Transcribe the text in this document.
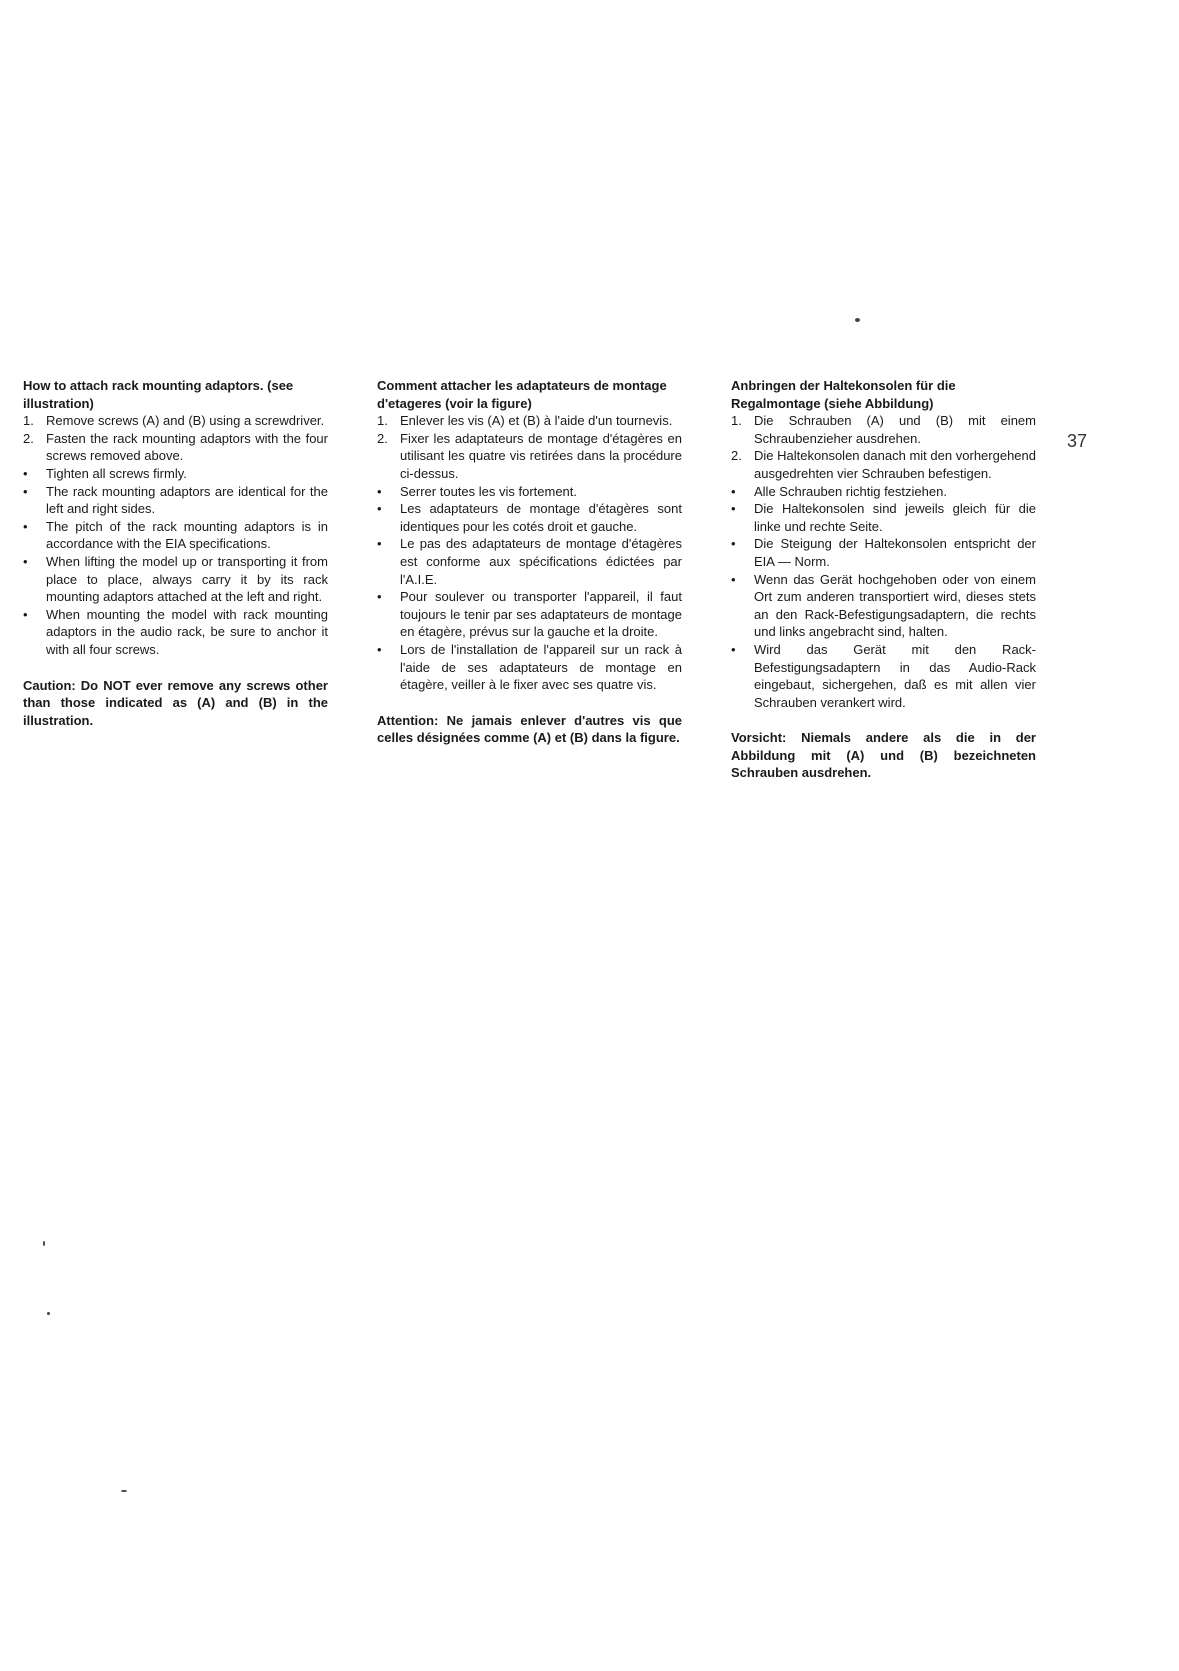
How to attach rack mounting adaptors. (see illustration)
1. Remove screws (A) and (B) using a screwdriver.
2. Fasten the rack mounting adaptors with the four screws removed above.
• Tighten all screws firmly.
• The rack mounting adaptors are identical for the left and right sides.
• The pitch of the rack mounting adaptors is in accordance with the EIA specifications.
• When lifting the model up or transporting it from place to place, always carry it by its rack mounting adaptors attached at the left and right.
• When mounting the model with rack mounting adaptors in the audio rack, be sure to anchor it with all four screws.
Caution: Do NOT ever remove any screws other than those indicated as (A) and (B) in the illustration.
Comment attacher les adaptateurs de montage d'etageres (voir la figure)
1. Enlever les vis (A) et (B) à l'aide d'un tournevis.
2. Fixer les adaptateurs de montage d'étagères en utilisant les quatre vis retirées dans la procédure ci-dessus.
• Serrer toutes les vis fortement.
• Les adaptateurs de montage d'étagères sont identiques pour les cotés droit et gauche.
• Le pas des adaptateurs de montage d'étagères est conforme aux spécifications édictées par l'A.I.E.
• Pour soulever ou transporter l'appareil, il faut toujours le tenir par ses adaptateurs de montage en étagère, prévus sur la gauche et la droite.
• Lors de l'installation de l'appareil sur un rack à l'aide de ses adaptateurs de montage en étagère, veiller à le fixer avec ses quatre vis.
Attention: Ne jamais enlever d'autres vis que celles désignées comme (A) et (B) dans la figure.
Anbringen der Haltekonsolen für die Regalmontage (siehe Abbildung)
1. Die Schrauben (A) und (B) mit einem Schraubenzieher ausdrehen.
2. Die Haltekonsolen danach mit den vorhergehend ausgedrehten vier Schrauben befestigen.
• Alle Schrauben richtig festziehen.
• Die Haltekonsolen sind jeweils gleich für die linke und rechte Seite.
• Die Steigung der Haltekonsolen entspricht der EIA — Norm.
• Wenn das Gerät hochgehoben oder von einem Ort zum anderen transportiert wird, dieses stets an den Rack-Befestigungsadaptern, die rechts und links angebracht sind, halten.
• Wird das Gerät mit den Rack-Befestigungsadaptern in das Audio-Rack eingebaut, sichergehen, daß es mit allen vier Schrauben verankert wird.
Vorsicht: Niemals andere als die in der Abbildung mit (A) und (B) bezeichneten Schrauben ausdrehen.
37
